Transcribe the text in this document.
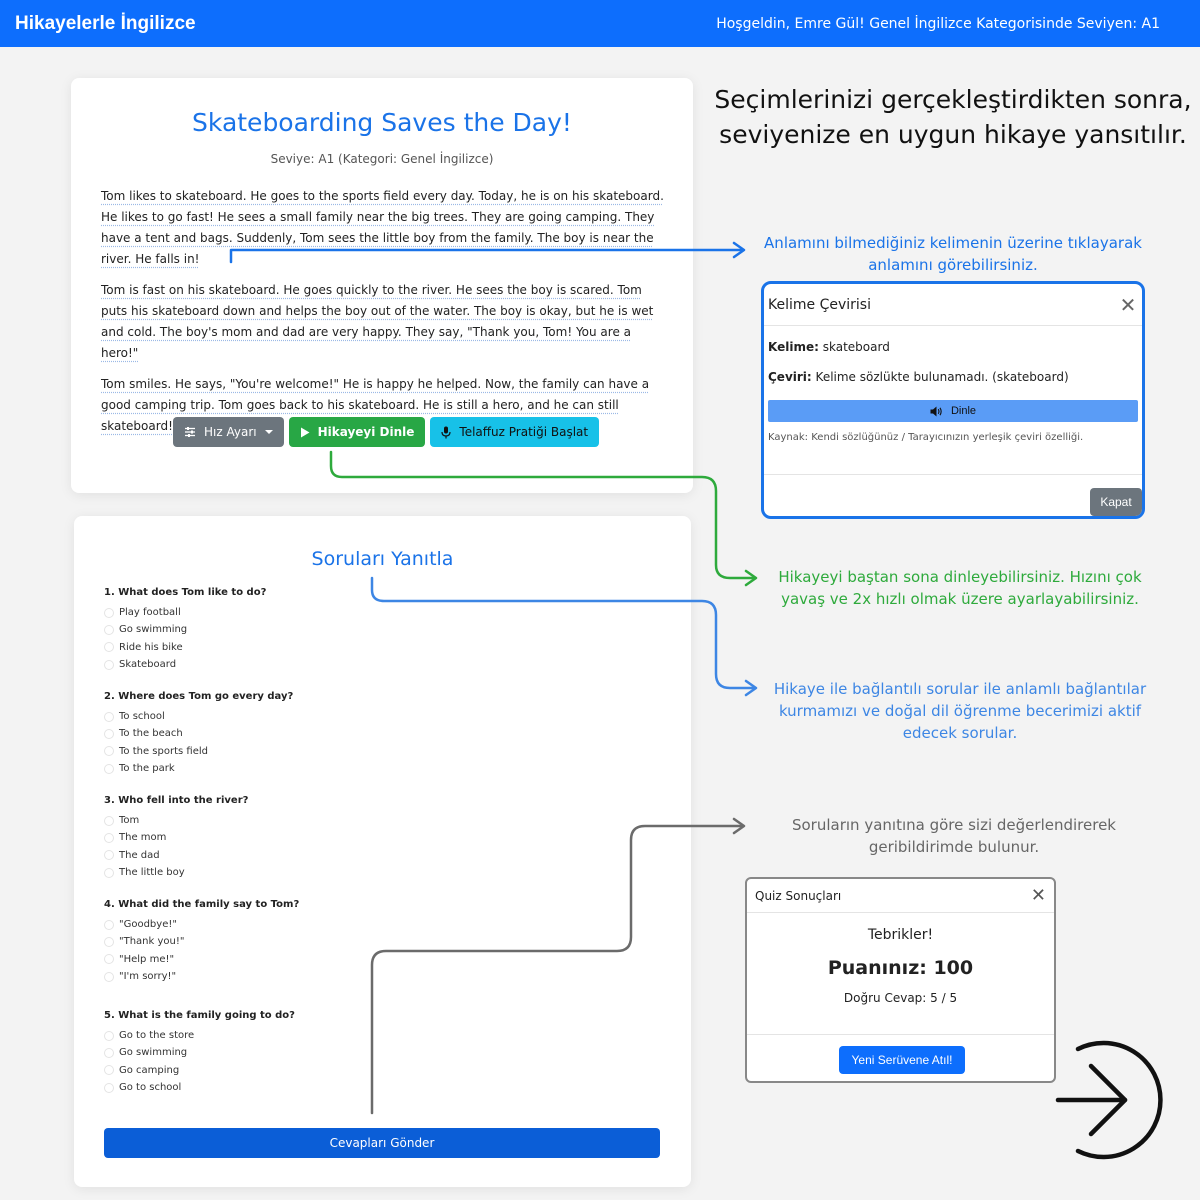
Hikayelerle İngilizce	Hoşgeldin, Emre Gül! Genel İngilizce Kategorisinde Seviyen: A1
Skateboarding Saves the Day!
Seviye: A1 (Kategori: Genel İngilizce)

Tom likes to skateboard. He goes to the sports field every day. Today, he is on his skateboard. He likes to go fast! He sees a small family near the big trees. They are going camping. They have a tent and bags. Suddenly, Tom sees the little boy from the family. The boy is near the river. He falls in!

Tom is fast on his skateboard. He goes quickly to the river. He sees the boy is scared. Tom puts his skateboard down and helps the boy out of the water. The boy is okay, but he is wet and cold. The boy's mom and dad are very happy. They say, "Thank you, Tom! You are a hero!"

Tom smiles. He says, "You're welcome!" He is happy he helped. Now, the family can have a good camping trip. Tom goes back to his skateboard. He is still a hero, and he can still skateboard!	Hız Ayarı	Hikayeyi Dinle	Telaffuz Pratiği Başlat
Soruları Yanıtla
1. What does Tom like to do?
Play football
Go swimming
Ride his bike
Skateboard
2. Where does Tom go every day?
To school
To the beach
To the sports field
To the park
3. Who fell into the river?
Tom
The mom
The dad
The little boy
4. What did the family say to Tom?
"Goodbye!"
"Thank you!"
"Help me!"
"I'm sorry!"
5. What is the family going to do?
Go to the store
Go swimming
Go camping
Go to school
Cevapları Gönder
Seçimlerinizi gerçekleştirdikten sonra, seviyenize en uygun hikaye yansıtılır.
Anlamını bilmediğiniz kelimenin üzerine tıklayarak anlamını görebilirsiniz.
Hikayeyi baştan sona dinleyebilirsiniz. Hızını çok yavaş ve 2x hızlı olmak üzere ayarlayabilirsiniz.
Hikaye ile bağlantılı sorular ile anlamlı bağlantılar kurmamızı ve doğal dil öğrenme becerimizi aktif edecek sorular.
Soruların yanıtına göre sizi değerlendirerek geribildirimde bulunur.
Kelime Çevirisi	✕
Kelime: skateboard
Çeviri: Kelime sözlükte bulunamadı. (skateboard)
Dinle
Kaynak: Kendi sözlüğünüz / Tarayıcınızın yerleşik çeviri özelliği.
Kapat
Quiz Sonuçları	✕
Tebrikler!
Puanınız: 100
Doğru Cevap: 5 / 5
Yeni Serüvene Atıl!
